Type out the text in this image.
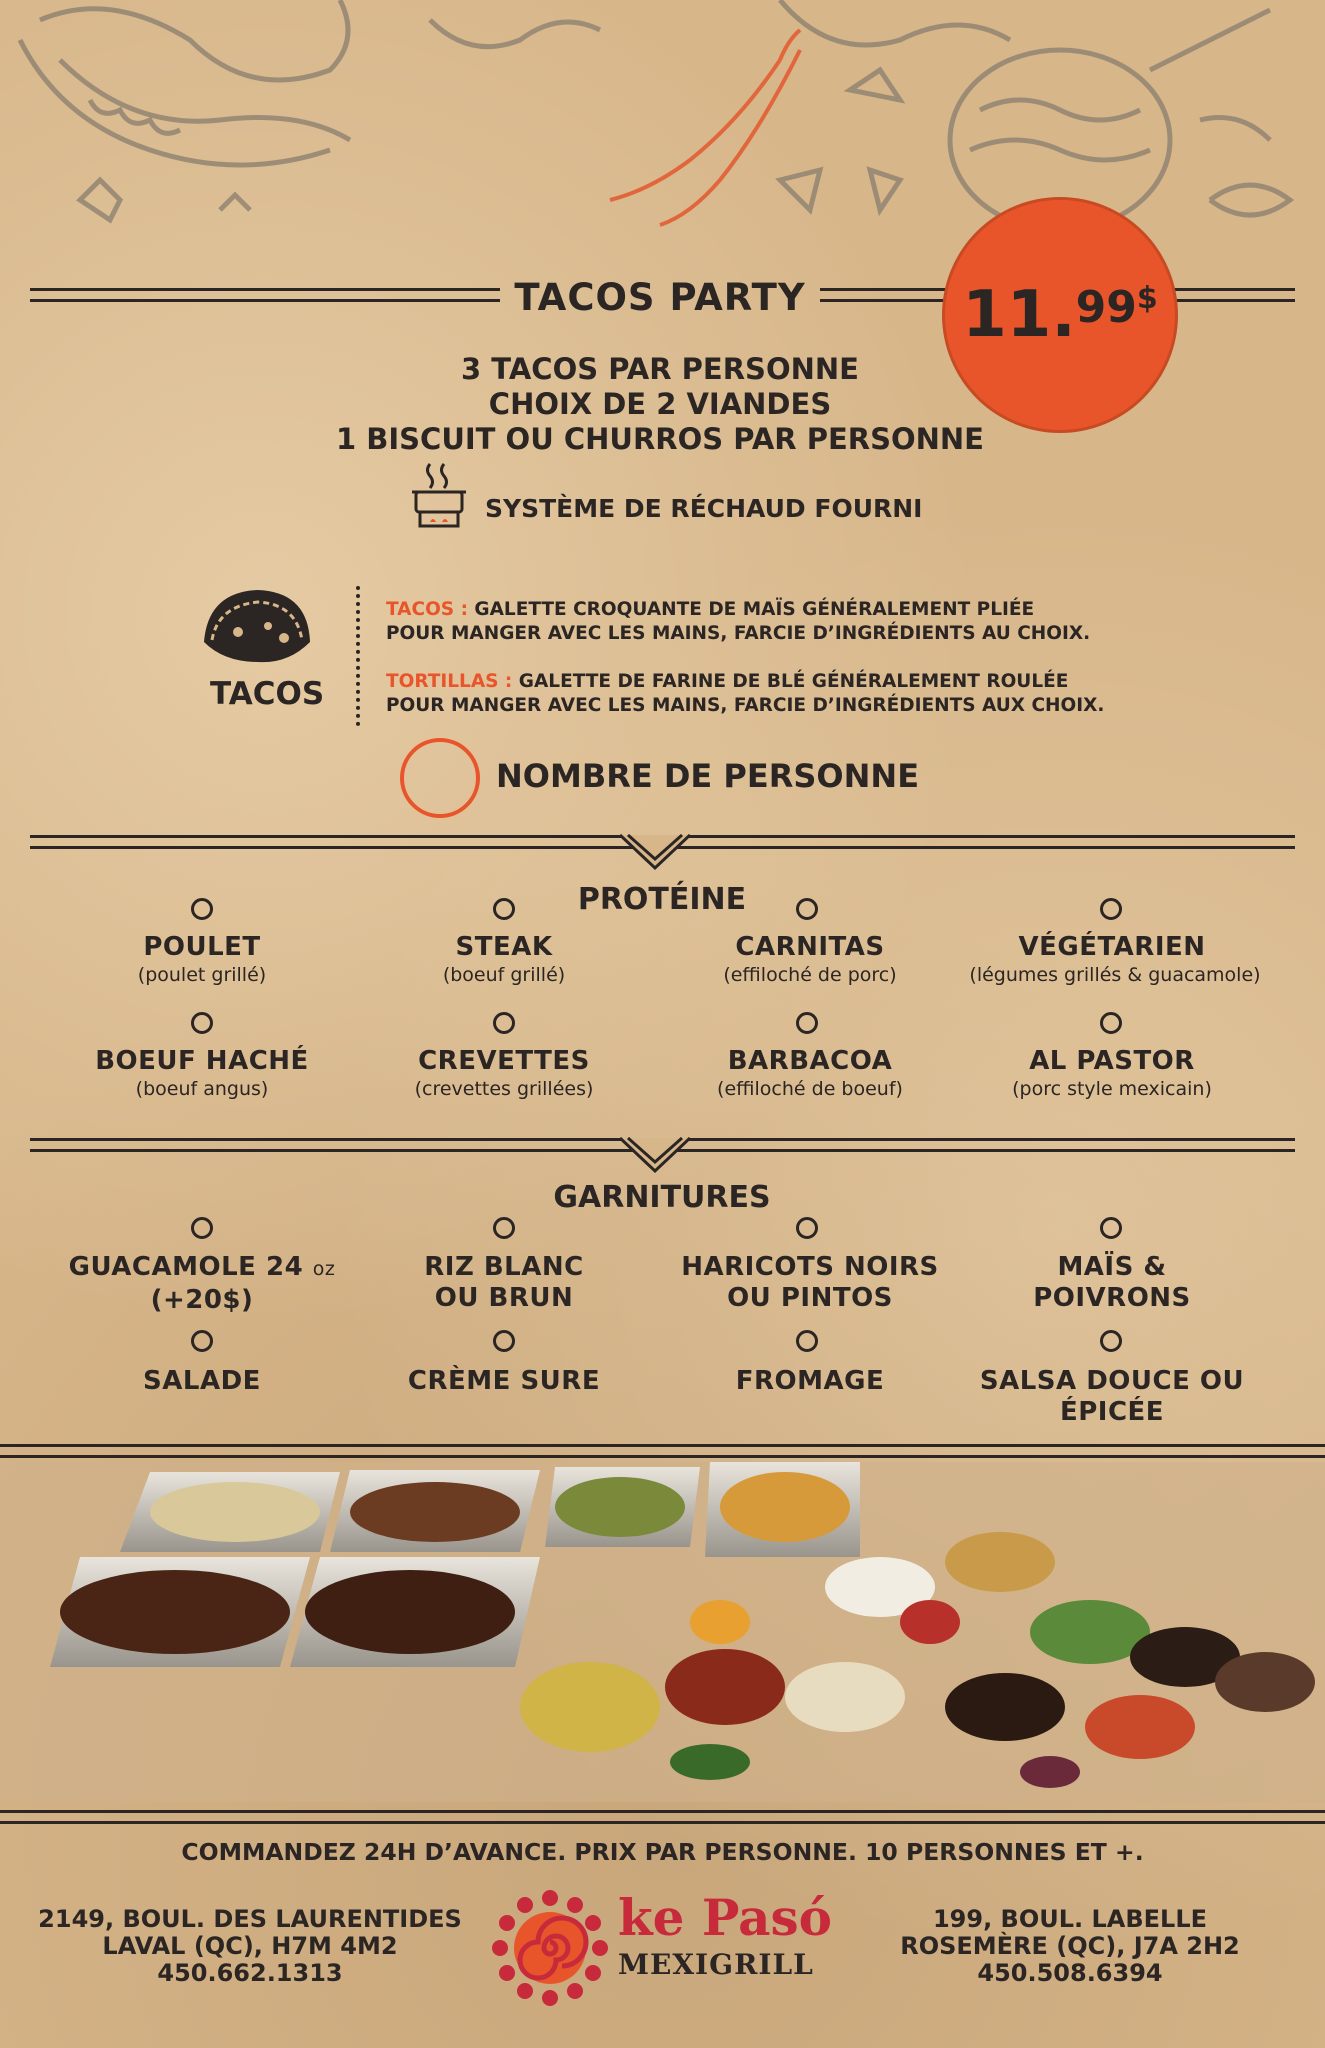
TACOS PARTY 11.99$
3 TACOS PAR PERSONNE
CHOIX DE 2 VIANDES
1 BISCUIT OU CHURROS PAR PERSONNE
SYSTÈME DE RÉCHAUD FOURNI
TACOS
TACOS : GALETTE CROQUANTE DE MAÏS GÉNÉRALEMENT PLIÉE
POUR MANGER AVEC LES MAINS, FARCIE D’INGRÉDIENTS AU CHOIX.
TORTILLAS : GALETTE DE FARINE DE BLÉ GÉNÉRALEMENT ROULÉE
POUR MANGER AVEC LES MAINS, FARCIE D’INGRÉDIENTS AUX CHOIX.
NOMBRE DE PERSONNE
PROTÉINE
POULET
(poulet grillé)
STEAK
(boeuf grillé)
CARNITAS
(effiloché de porc)
VÉGÉTARIEN
(légumes grillés & guacamole)
BOEUF HACHÉ
(boeuf angus)
CREVETTES
(crevettes grillées)
BARBACOA
(effiloché de boeuf)
AL PASTOR
(porc style mexicain)
GARNITURES
GUACAMOLE 24 oz
(+20$)
RIZ BLANC
OU BRUN
HARICOTS NOIRS
OU PINTOS
MAÏS &
POIVRONS
SALADE	CRÈME SURE	FROMAGE	SALSA DOUCE OU
ÉPICÉE
COMMANDEZ 24H D’AVANCE. PRIX PAR PERSONNE. 10 PERSONNES ET +.
2149, BOUL. DES LAURENTIDES
LAVAL (QC), H7M 4M2
450.662.1313
ke Pasó
MEXIGRILL
199, BOUL. LABELLE
ROSEMÈRE (QC), J7A 2H2
450.508.6394
